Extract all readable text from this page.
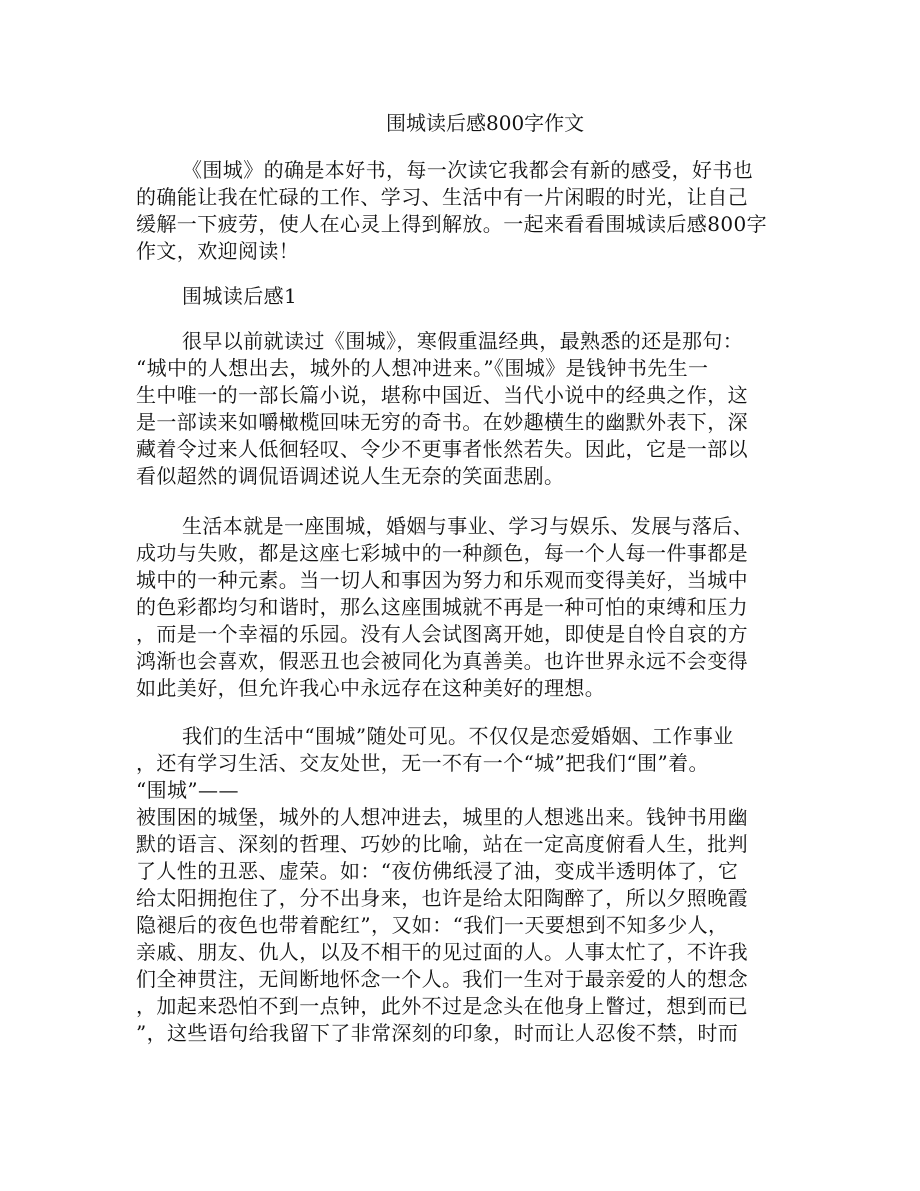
围城读后感800字作文
《围城》的确是本好书，每一次读它我都会有新的感受，好书也
的确能让我在忙碌的工作、学习、生活中有一片闲暇的时光，让自己
缓解一下疲劳，使人在心灵上得到解放。一起来看看围城读后感800字
作文，欢迎阅读！
围城读后感1
很早以前就读过《围城》，寒假重温经典，最熟悉的还是那句：
“城中的人想出去，城外的人想冲进来。”《围城》是钱钟书先生一
生中唯一的一部长篇小说，堪称中国近、当代小说中的经典之作，这
是一部读来如嚼橄榄回味无穷的奇书。在妙趣横生的幽默外表下，深
藏着令过来人低徊轻叹、令少不更事者怅然若失。因此，它是一部以
看似超然的调侃语调述说人生无奈的笑面悲剧。
生活本就是一座围城，婚姻与事业、学习与娱乐、发展与落后、
成功与失败，都是这座七彩城中的一种颜色，每一个人每一件事都是
城中的一种元素。当一切人和事因为努力和乐观而变得美好，当城中
的色彩都均匀和谐时，那么这座围城就不再是一种可怕的束缚和压力
，而是一个幸福的乐园。没有人会试图离开她，即使是自怜自哀的方
鸿渐也会喜欢，假恶丑也会被同化为真善美。也许世界永远不会变得
如此美好，但允许我心中永远存在这种美好的理想。
我们的生活中“围城”随处可见。不仅仅是恋爱婚姻、工作事业
，还有学习生活、交友处世，无一不有一个“城”把我们“围”着。
“围城”——
被围困的城堡，城外的人想冲进去，城里的人想逃出来。钱钟书用幽
默的语言、深刻的哲理、巧妙的比喻，站在一定高度俯看人生，批判
了人性的丑恶、虚荣。如：“夜仿佛纸浸了油，变成半透明体了，它
给太阳拥抱住了，分不出身来，也许是给太阳陶醉了，所以夕照晚霞
隐褪后的夜色也带着酡红”，又如：“我们一天要想到不知多少人，
亲戚、朋友、仇人，以及不相干的见过面的人。人事太忙了，不许我
们全神贯注，无间断地怀念一个人。我们一生对于最亲爱的人的想念
，加起来恐怕不到一点钟，此外不过是念头在他身上瞥过，想到而已
”，这些语句给我留下了非常深刻的印象，时而让人忍俊不禁，时而
